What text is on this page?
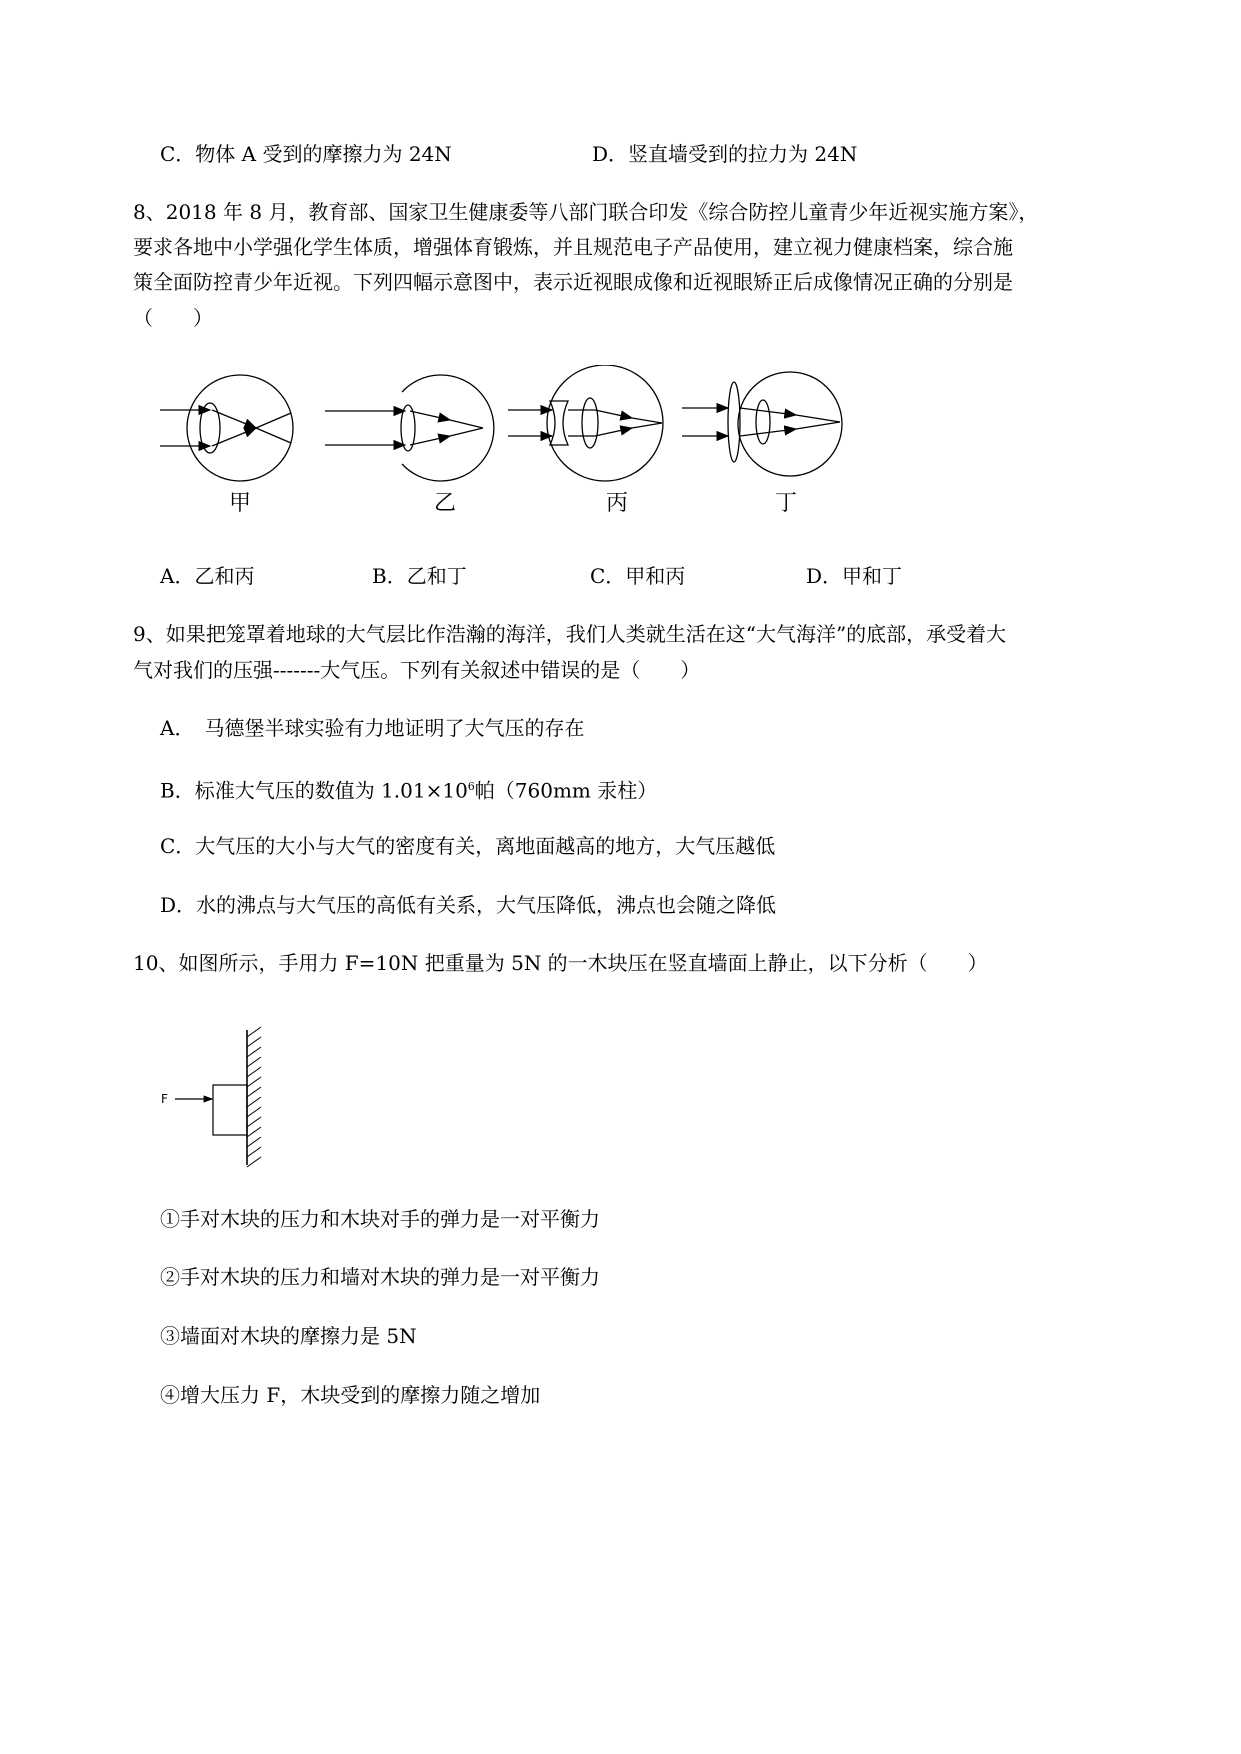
C．物体 A 受到的摩擦力为 24N	D．竖直墙受到的拉力为 24N
8、2018 年 8 月，教育部、国家卫生健康委等八部门联合印发《综合防控儿童青少年近视实施方案》，
要求各地中小学强化学生体质，增强体育锻炼，并且规范电子产品使用，建立视力健康档案，综合施
策全面防控青少年近视。下列四幅示意图中，表示近视眼成像和近视眼矫正后成像情况正确的分别是
（　　）
甲	乙	丙	丁
A．乙和丙	B．乙和丁	C．甲和丙	D．甲和丁
9、如果把笼罩着地球的大气层比作浩瀚的海洋，我们人类就生活在这“大气海洋”的底部，承受着大
气对我们的压强-------大气压。下列有关叙述中错误的是（　　）
A．　马德堡半球实验有力地证明了大气压的存在
B．标准大气压的数值为 $1.01\times 10^6$帕（760mm 汞柱）
C．大气压的大小与大气的密度有关，离地面越高的地方，大气压越低
D．水的沸点与大气压的高低有关系，大气压降低，沸点也会随之降低
10、如图所示，手用力 F=10N 把重量为 5N 的一木块压在竖直墙面上静止，以下分析（　　）
F
①手对木块的压力和木块对手的弹力是一对平衡力
②手对木块的压力和墙对木块的弹力是一对平衡力
③墙面对木块的摩擦力是 5N
④增大压力 F，木块受到的摩擦力随之增加
